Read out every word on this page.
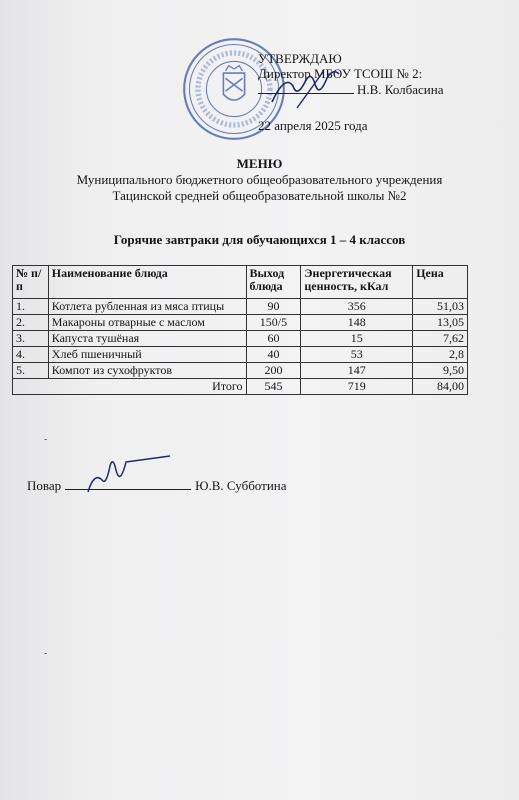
УТВЕРЖДАЮ
Директор МБОУ ТСОШ № 2:
Н.В. Колбасина
22 апреля 2025 года
МЕНЮ
Муниципального бюджетного общеобразовательного учреждения
Тацинской средней общеобразовательной школы №2
Горячие завтраки для обучающихся 1 – 4 классов
№ п/п	Наименование блюда	Выход блюда	Энергетическая ценность, кКал	Цена
1.	Котлета рубленная из мяса птицы	90	356	51,03
2.	Макароны отварные с маслом	150/5	148	13,05
3.	Капуста тушёная	60	15	7,62
4.	Хлеб пшеничный	40	53	2,8
5.	Компот из сухофруктов	200	147	9,50
Итого		545	719	84,00
-
-
Повар	Ю.В. Субботина
